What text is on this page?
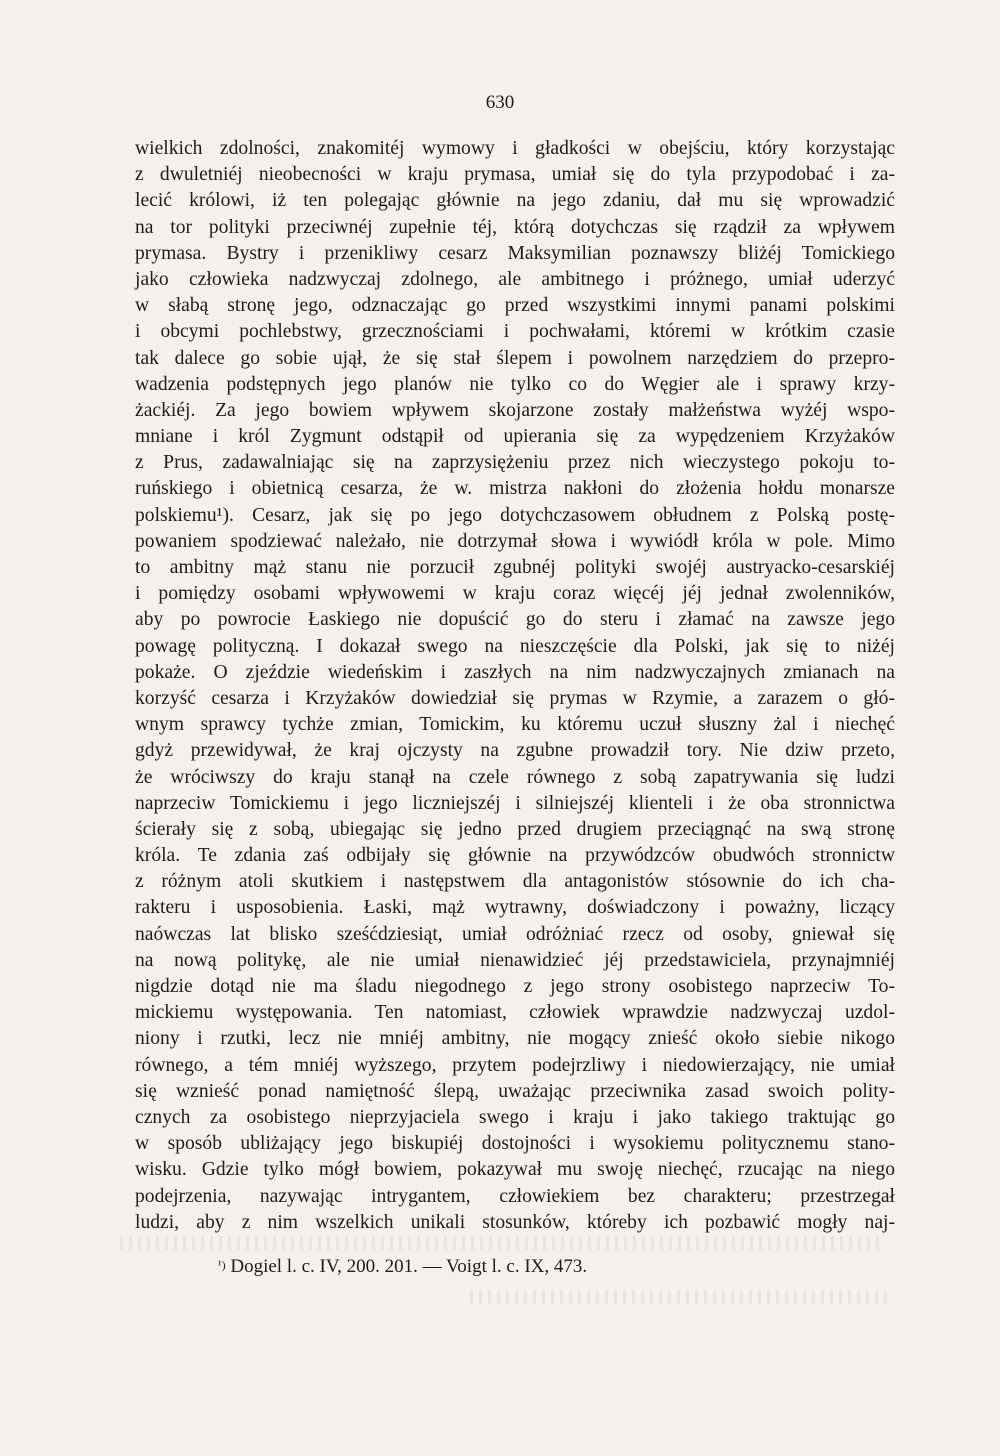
630
wielkich zdolności, znakomitéj wymowy i gładkości w obejściu, który korzystając
z dwuletniéj nieobecności w kraju prymasa, umiał się do tyla przypodobać i za-
lecić królowi, iż ten polegając głównie na jego zdaniu, dał mu się wprowadzić
na tor polityki przeciwnéj zupełnie téj, którą dotychczas się rządził za wpływem
prymasa. Bystry i przenikliwy cesarz Maksymilian poznawszy bliżéj Tomickiego
jako człowieka nadzwyczaj zdolnego, ale ambitnego i próżnego, umiał uderzyć
w słabą stronę jego, odznaczając go przed wszystkimi innymi panami polskimi
i obcymi pochlebstwy, grzecznościami i pochwałami, któremi w krótkim czasie
tak dalece go sobie ujął, że się stał ślepem i powolnem narzędziem do przepro-
wadzenia podstępnych jego planów nie tylko co do Węgier ale i sprawy krzy-
żackiéj. Za jego bowiem wpływem skojarzone zostały małżeństwa wyżéj wspo-
mniane i król Zygmunt odstąpił od upierania się za wypędzeniem Krzyżaków
z Prus, zadawalniając się na zaprzysiężeniu przez nich wieczystego pokoju to-
ruńskiego i obietnicą cesarza, że w. mistrza nakłoni do złożenia hołdu monarsze
polskiemu¹). Cesarz, jak się po jego dotychczasowem obłudnem z Polską postę-
powaniem spodziewać należało, nie dotrzymał słowa i wywiódł króla w pole. Mimo
to ambitny mąż stanu nie porzucił zgubnéj polityki swojéj austryacko-cesarskiéj
i pomiędzy osobami wpływowemi w kraju coraz więcéj jéj jednał zwolenników,
aby po powrocie Łaskiego nie dopuścić go do steru i złamać na zawsze jego
powagę polityczną. I dokazał swego na nieszczęście dla Polski, jak się to niżéj
pokaże. O zjeździe wiedeńskim i zaszłych na nim nadzwyczajnych zmianach na
korzyść cesarza i Krzyżaków dowiedział się prymas w Rzymie, a zarazem o głó-
wnym sprawcy tychże zmian, Tomickim, ku któremu uczuł słuszny żal i niechęć
gdyż przewidywał, że kraj ojczysty na zgubne prowadził tory. Nie dziw przeto,
że wróciwszy do kraju stanął na czele równego z sobą zapatrywania się ludzi
naprzeciw Tomickiemu i jego liczniejszéj i silniejszéj klienteli i że oba stronnictwa
ścierały się z sobą, ubiegając się jedno przed drugiem przeciągnąć na swą stronę
króla. Te zdania zaś odbijały się głównie na przywódzców obudwóch stronnictw
z różnym atoli skutkiem i następstwem dla antagonistów stósownie do ich cha-
rakteru i usposobienia. Łaski, mąż wytrawny, doświadczony i poważny, liczący
naówczas lat blisko sześćdziesiąt, umiał odróżniać rzecz od osoby, gniewał się
na nową politykę, ale nie umiał nienawidzieć jéj przedstawiciela, przynajmniéj
nigdzie dotąd nie ma śladu niegodnego z jego strony osobistego naprzeciw To-
mickiemu występowania. Ten natomiast, człowiek wprawdzie nadzwyczaj uzdol-
niony i rzutki, lecz nie mniéj ambitny, nie mogący znieść około siebie nikogo
równego, a tém mniéj wyższego, przytem podejrzliwy i niedowierzający, nie umiał
się wznieść ponad namiętność ślepą, uważając przeciwnika zasad swoich polity-
cznych za osobistego nieprzyjaciela swego i kraju i jako takiego traktując go
w sposób ubliżający jego biskupiéj dostojności i wysokiemu politycznemu stano-
wisku. Gdzie tylko mógł bowiem, pokazywał mu swoję niechęć, rzucając na niego
podejrzenia, nazywając intrygantem, człowiekiem bez charakteru; przestrzegał
ludzi, aby z nim wszelkich unikali stosunków, któreby ich pozbawić mogły naj-
$^{^1)}$ Dogiel l. c. IV, 200. 201. — Voigt l. c. IX, 473.
